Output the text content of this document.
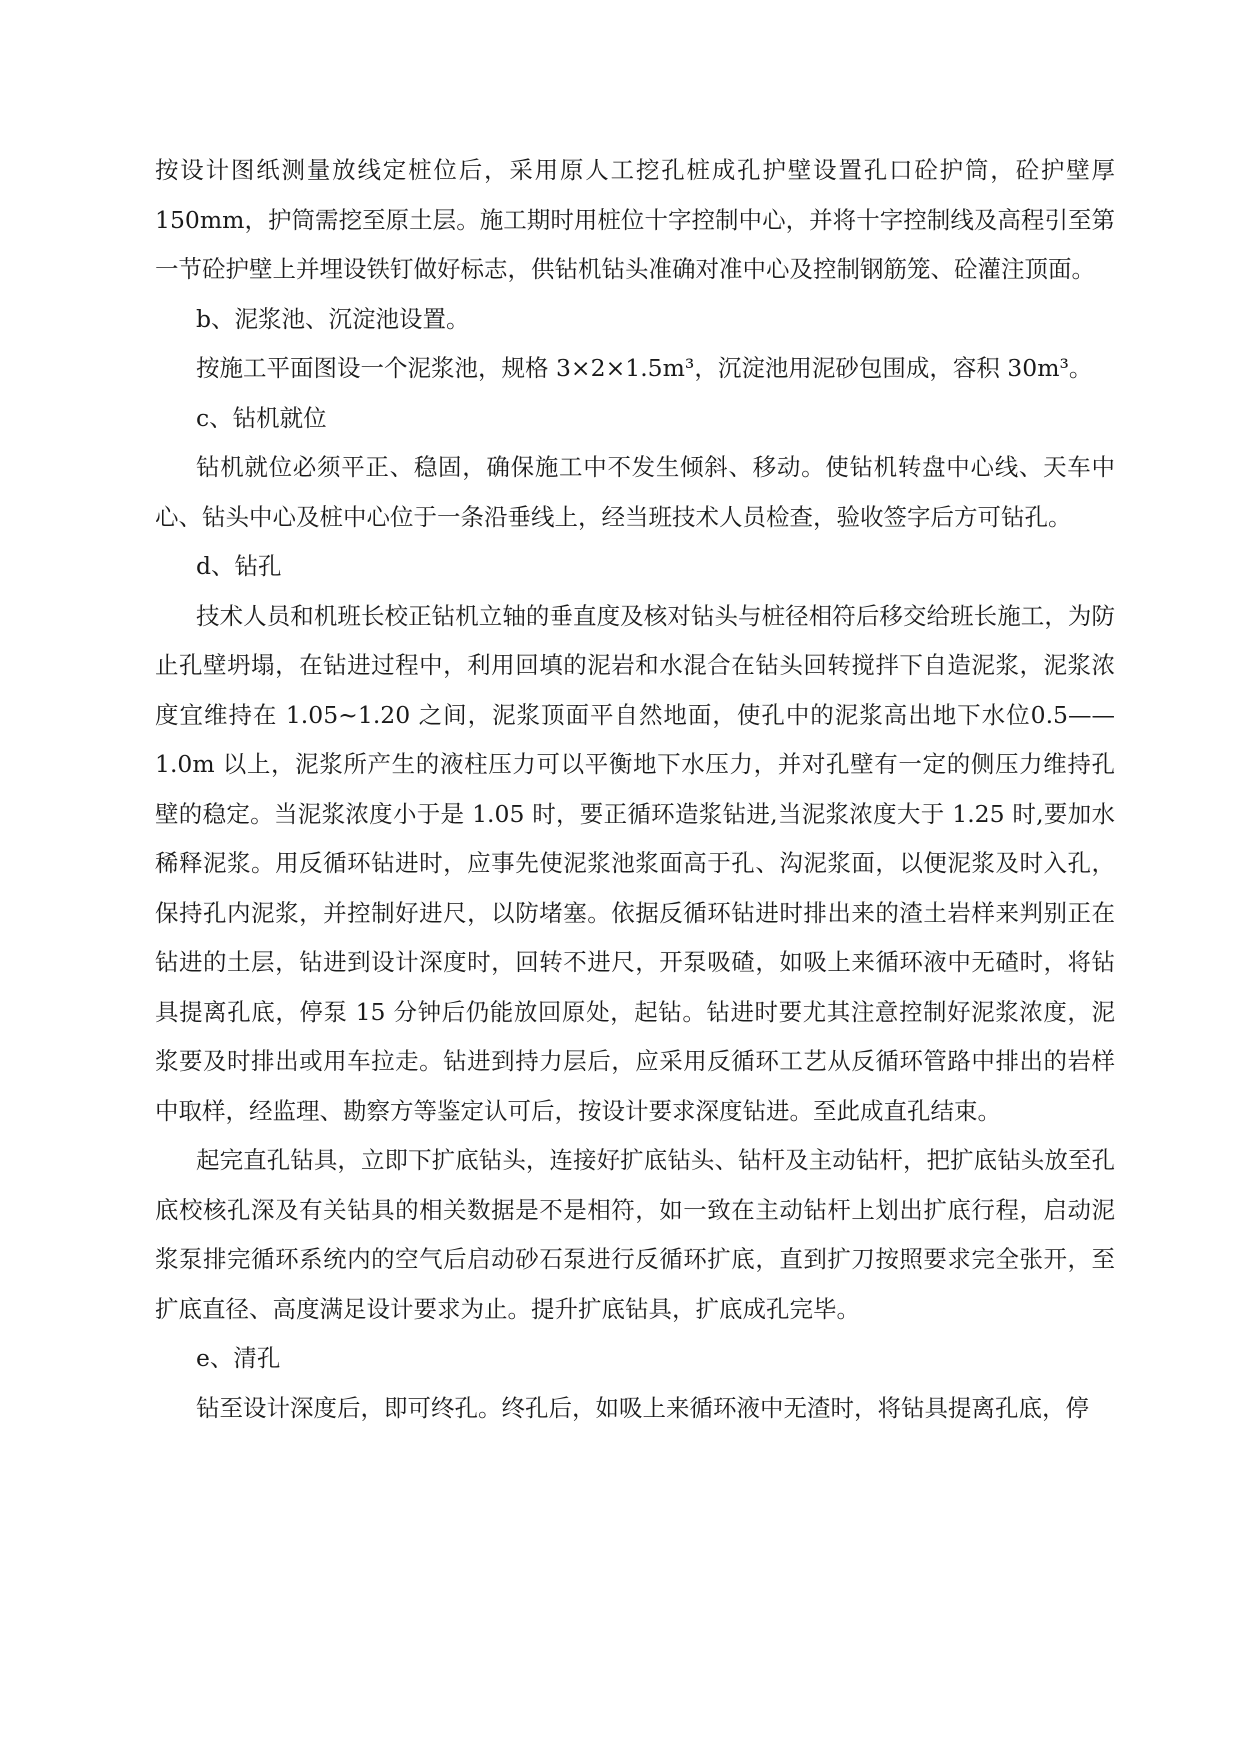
按设计图纸测量放线定桩位后，采用原人工挖孔桩成孔护壁设置孔口砼护筒，砼护壁厚150mm，护筒需挖至原土层。施工期时用桩位十字控制中心，并将十字控制线及高程引至第一节砼护壁上并埋设铁钉做好标志，供钻机钻头准确对准中心及控制钢筋笼、砼灌注顶面。

b、泥浆池、沉淀池设置。

按施工平面图设一个泥浆池，规格 3×2×1.5m³，沉淀池用泥砂包围成，容积 30m³。

c、钻机就位

钻机就位必须平正、稳固，确保施工中不发生倾斜、移动。使钻机转盘中心线、天车中心、钻头中心及桩中心位于一条沿垂线上，经当班技术人员检查，验收签字后方可钻孔。

d、钻孔

技术人员和机班长校正钻机立轴的垂直度及核对钻头与桩径相符后移交给班长施工，为防止孔壁坍塌，在钻进过程中，利用回填的泥岩和水混合在钻头回转搅拌下自造泥浆，泥浆浓度宜维持在 1.05~1.20 之间，泥浆顶面平自然地面，使孔中的泥浆高出地下水位0.5——1.0m 以上，泥浆所产生的液柱压力可以平衡地下水压力，并对孔壁有一定的侧压力维持孔壁的稳定。当泥浆浓度小于是 1.05 时，要正循环造浆钻进,当泥浆浓度大于 1.25 时,要加水稀释泥浆。用反循环钻进时，应事先使泥浆池浆面高于孔、沟泥浆面，以便泥浆及时入孔，保持孔内泥浆，并控制好进尺，以防堵塞。依据反循环钻进时排出来的渣土岩样来判别正在钻进的土层，钻进到设计深度时，回转不进尺，开泵吸碴，如吸上来循环液中无碴时，将钻具提离孔底，停泵 15 分钟后仍能放回原处，起钻。钻进时要尤其注意控制好泥浆浓度，泥浆要及时排出或用车拉走。钻进到持力层后，应采用反循环工艺从反循环管路中排出的岩样中取样，经监理、勘察方等鉴定认可后，按设计要求深度钻进。至此成直孔结束。

起完直孔钻具，立即下扩底钻头，连接好扩底钻头、钻杆及主动钻杆，把扩底钻头放至孔底校核孔深及有关钻具的相关数据是不是相符，如一致在主动钻杆上划出扩底行程，启动泥浆泵排完循环系统内的空气后启动砂石泵进行反循环扩底，直到扩刀按照要求完全张开，至扩底直径、高度满足设计要求为止。提升扩底钻具，扩底成孔完毕。

e、清孔

钻至设计深度后，即可终孔。终孔后，如吸上来循环液中无渣时，将钻具提离孔底，停
